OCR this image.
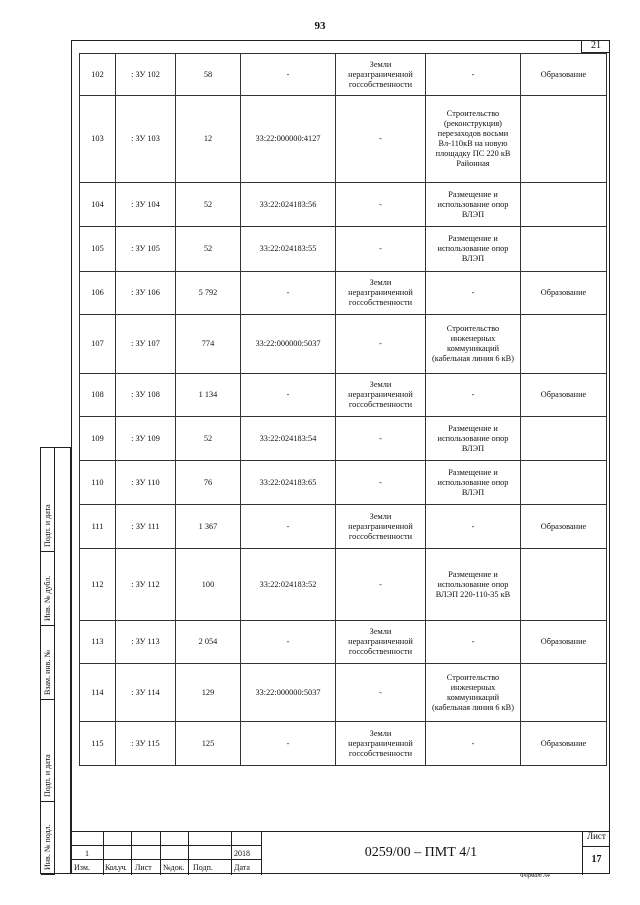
93
21
102	: ЗУ 102	58	-	Земли неразграниченной госсобственности	-	Образование
103	: ЗУ 103	12	33:22:000000:4127	-	Строительство (реконструкция) перезаходов восьми Вл-110кВ на новую площадку ПС 220 кВ Районная	
104	: ЗУ 104	52	33:22:024183:56	-	Размещение и использование опор ВЛЭП	
105	: ЗУ 105	52	33:22:024183:55	-	Размещение и использование опор ВЛЭП	
106	: ЗУ 106	5 792	-	Земли неразграниченной госсобственности	-	Образование
107	: ЗУ 107	774	33:22:000000:5037	-	Строительство инженерных коммуникаций (кабельная линия 6 кВ)	
108	: ЗУ 108	1 134	-	Земли неразграниченной госсобственности	-	Образование
109	: ЗУ 109	52	33:22:024183:54	-	Размещение и использование опор ВЛЭП	
110	: ЗУ 110	76	33:22:024183:65	-	Размещение и использование опор ВЛЭП	
111	: ЗУ 111	1 367	-	Земли неразграниченной госсобственности	-	Образование
112	: ЗУ 112	100	33:22:024183:52	-	Размещение и использование опор ВЛЭП 220-110-35 кВ	
113	: ЗУ 113	2 054	-	Земли неразграниченной госсобственности	-	Образование
114	: ЗУ 114	129	33:22:000000:5037	-	Строительство инженерных коммуникаций (кабельная линия 6 кВ)	
115	: ЗУ 115	125	-	Земли неразграниченной госсобственности	-	Образование
Подп. и дата
Инв. № дубл.
Взам. инв. №
Подп. и дата
Инв. № подл.	1	2018
Изм. Кол.уч. Лист №док. Подп.	Дата
0259/00 – ПМТ 4/1
Лист
17
Формат А4
